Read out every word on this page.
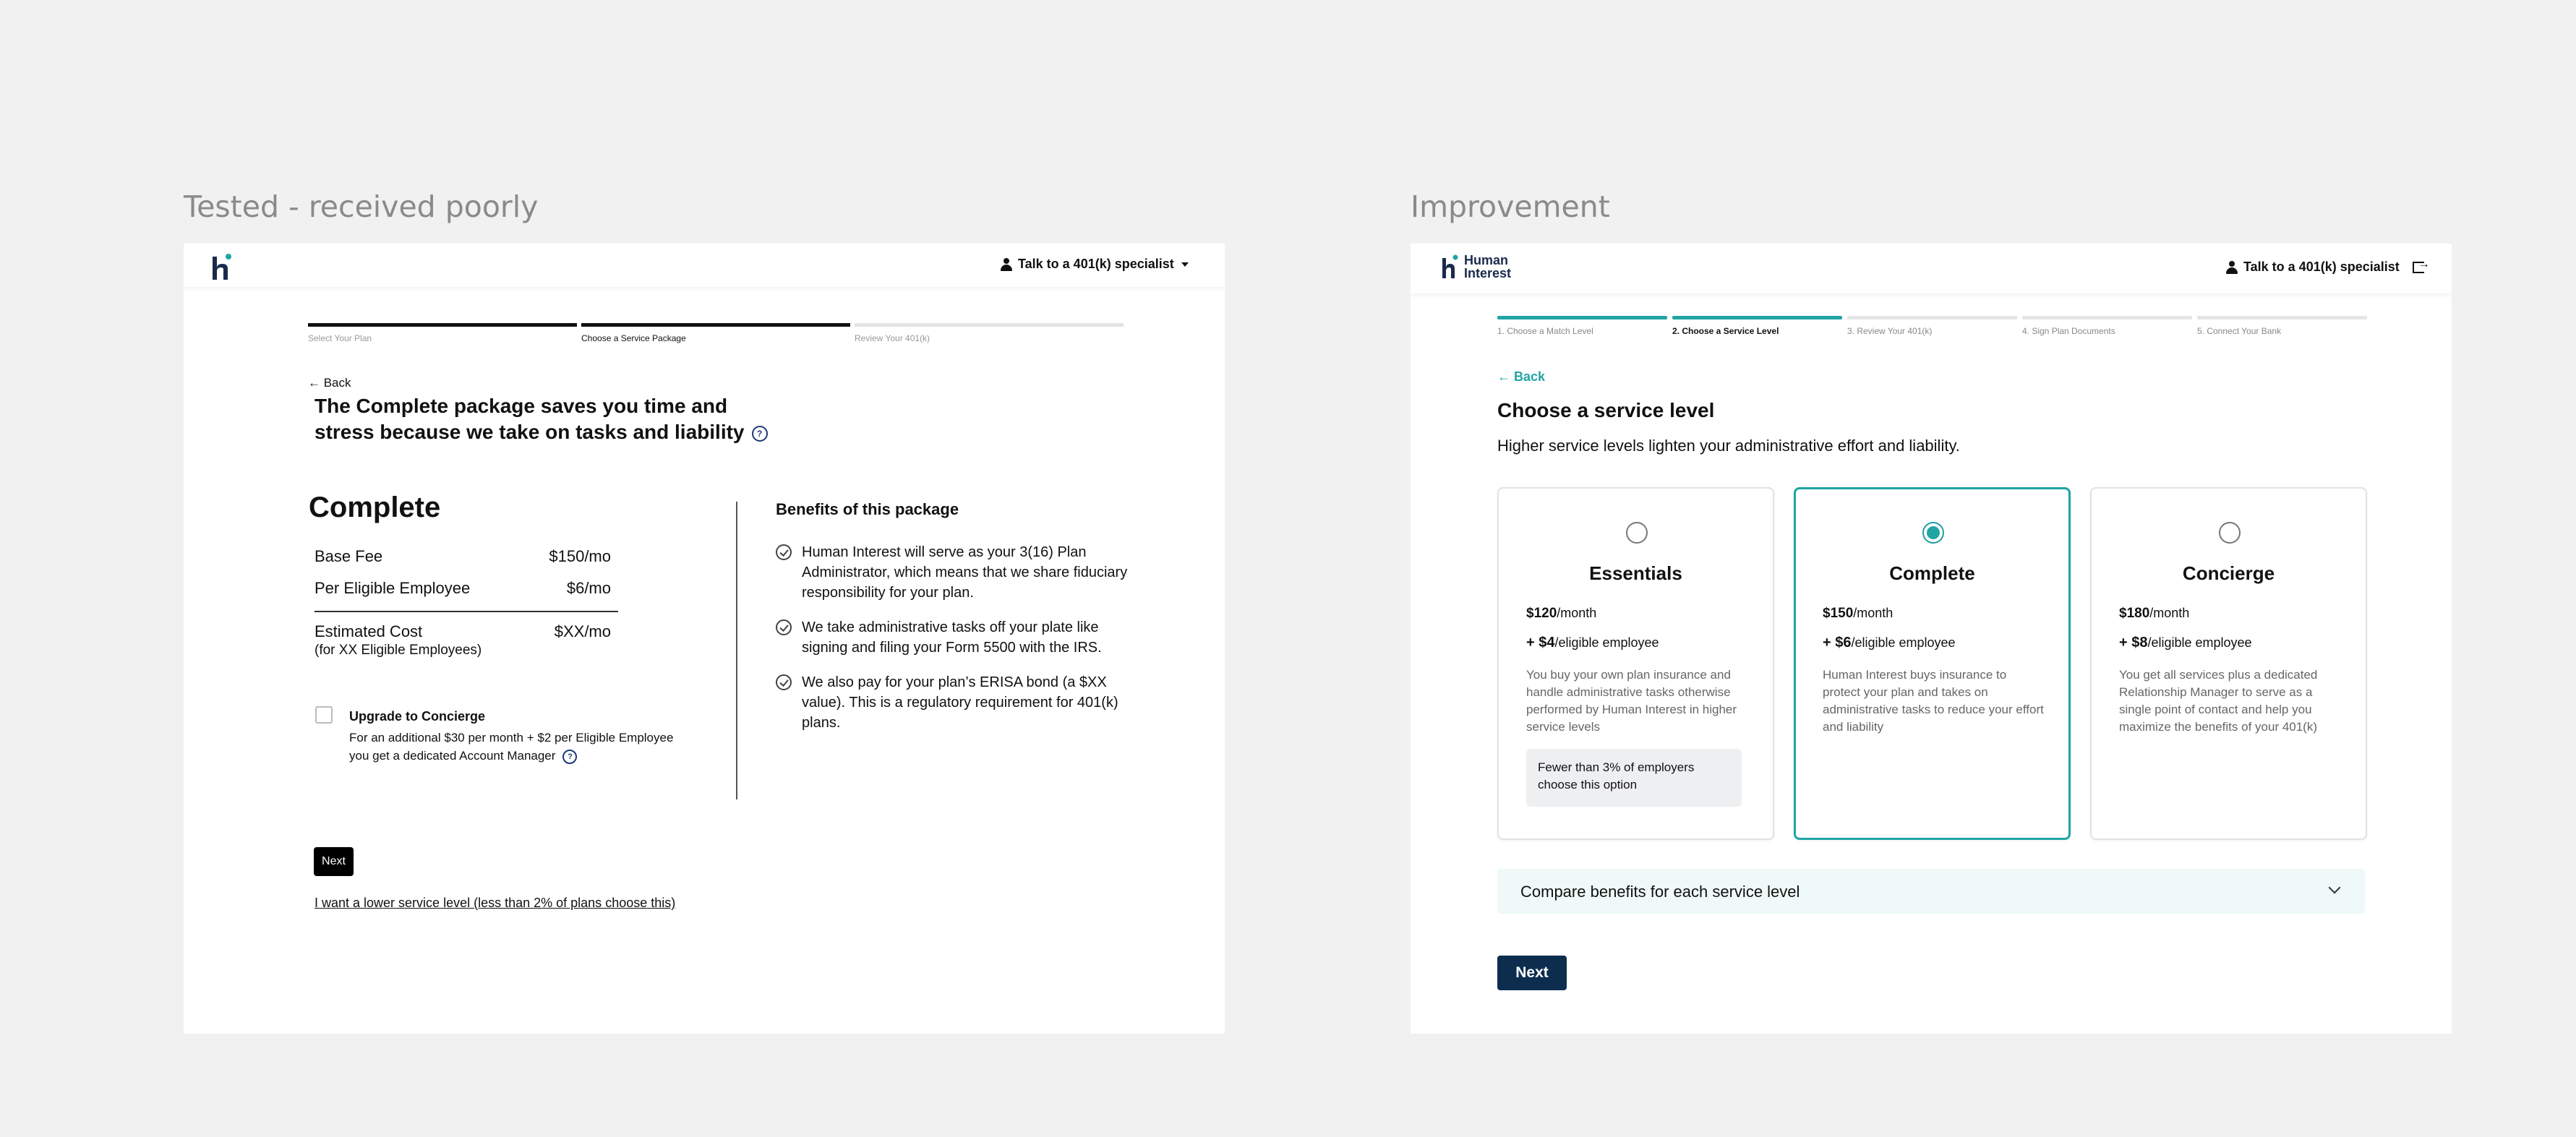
Tested - received poorly	Improvement
Talk to a 401(k) specialist
Select Your Plan	Choose a Service Package	Review Your 401(k)
← Back
The Complete package saves you time and stress because we take on tasks and liability ?
Complete
Base Fee	$150/mo
Per Eligible Employee	$6/mo
Estimated Cost	$XX/mo
(for XX Eligible Employees)
Upgrade to Concierge
For an additional $30 per month + $2 per Eligible Employee you get a dedicated Account Manager ?
Benefits of this package
Human Interest will serve as your 3(16) Plan Administrator, which means that we share fiduciary responsibility for your plan.
We take administrative tasks off your plate like signing and filing your Form 5500 with the IRS.
We also pay for your plan’s ERISA bond (a $XX value). This is a regulatory requirement for 401(k) plans.
Next
I want a lower service level (less than 2% of plans choose this)
Human
Interest	Talk to a 401(k) specialist
→
1. Choose a Match Level	2. Choose a Service Level	3. Review Your 401(k)	4. Sign Plan Documents	5. Connect Your Bank
← Back
Choose a service level
Higher service levels lighten your administrative effort and liability.
Essentials
$120/month
+ $4/eligible employee
You buy your own plan insurance and handle administrative tasks otherwise performed by Human Interest in higher service levels
Fewer than 3% of employers choose this option
Complete
$150/month
+ $6/eligible employee
Human Interest buys insurance to protect your plan and takes on administrative tasks to reduce your effort and liability
Concierge
$180/month
+ $8/eligible employee
You get all services plus a dedicated Relationship Manager to serve as a single point of contact and help you maximize the benefits of your 401(k)
Compare benefits for each service level
Next
